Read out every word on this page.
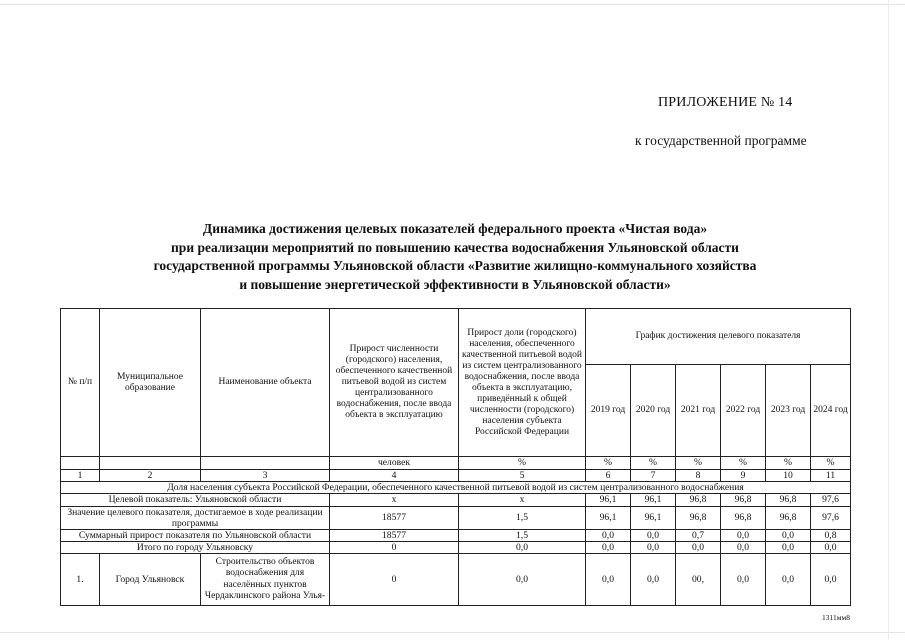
ПРИЛОЖЕНИЕ № 14
к государственной программе
Динамика достижения целевых показателей федерального проекта «Чистая вода»
при реализации мероприятий по повышению качества водоснабжения Ульяновской области
государственной программы Ульяновской области «Развитие жилищно-коммунального хозяйства
и повышение энергетической эффективности в Ульяновской области»
№ п/п	Муниципальное образование	Наименование объекта	Прирост численности (городского) населения, обеспеченного качественной питьевой водой из систем централизованного водоснабжения, после ввода объекта в эксплуатацию	Прирост доли (городского) населения, обеспеченного качественной питьевой водой из систем централизованного водоснабжения, после ввода объекта в эксплуатацию, приведённый к общей численности (городского) населения субъекта Российской Федерации	График достижения целевого показателя					
					2019 год	2020 год	2021 год	2022 год	2023 год	2024 год
			человек	%	%	%	%	%	%	%
1	2	3	4	5	6	7	8	9	10	11
Доля населения субъекта Российской Федерации, обеспеченного качественной питьевой водой из систем централизованного водоснабжения										
Целевой показатель: Ульяновской области			x	x	96,1	96,1	96,8	96,8	96,8	97,6
Значение целевого показателя, достигаемое в ходе реализации программы			18577	1,5	96,1	96,1	96,8	96,8	96,8	97,6
Суммарный прирост показателя по Ульяновской области			18577	1,5	0,0	0,0	0,7	0,0	0,0	0,8
Итого по городу Ульяновску			0	0,0	0,0	0,0	0,0	0,0	0,0	0,0
1.	Город Ульяновск	Строительство объектов водоснабжения для населённых пунктов Чердаклинского района Улья-	0	0,0	0,0	0,0	00,	0,0	0,0	0,0
1311мм8
